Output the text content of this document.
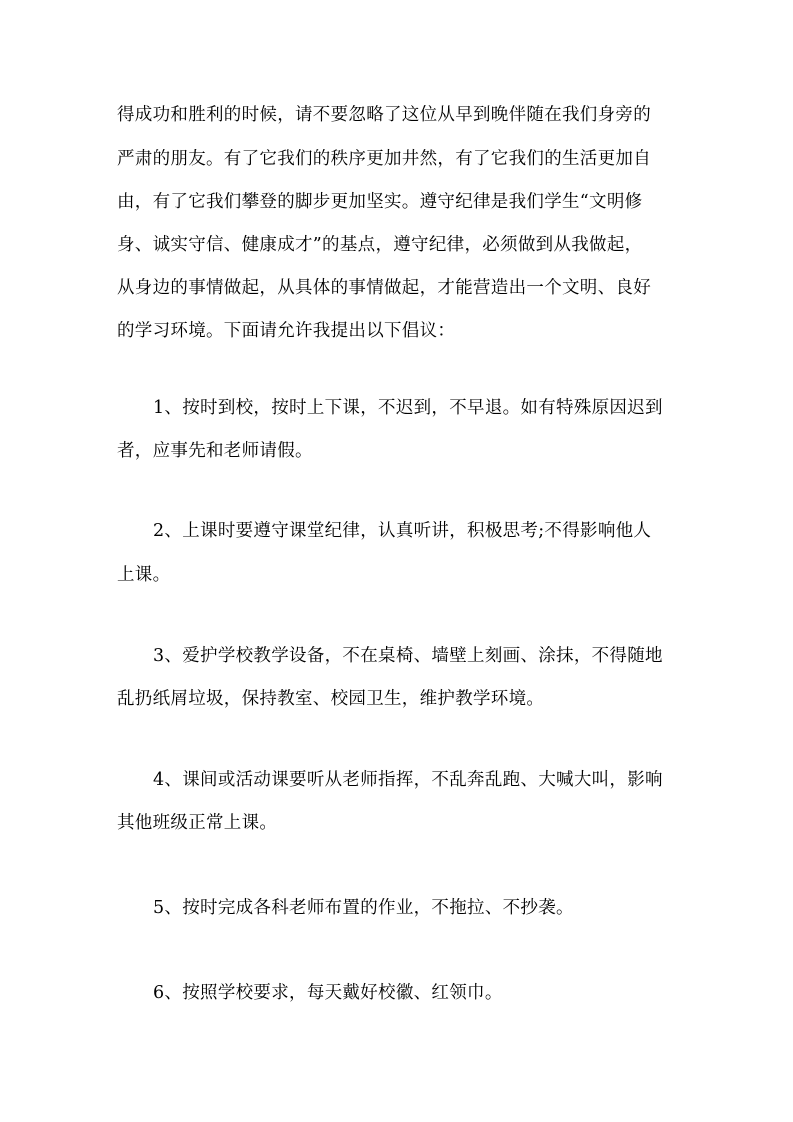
得成功和胜利的时候，请不要忽略了这位从早到晚伴随在我们身旁的
严肃的朋友。有了它我们的秩序更加井然，有了它我们的生活更加自
由，有了它我们攀登的脚步更加坚实。遵守纪律是我们学生“文明修
身、诚实守信、健康成才”的基点，遵守纪律，必须做到从我做起，
从身边的事情做起，从具体的事情做起，才能营造出一个文明、良好
的学习环境。下面请允许我提出以下倡议：
1、按时到校，按时上下课，不迟到，不早退。如有特殊原因迟到
者，应事先和老师请假。
2、上课时要遵守课堂纪律，认真听讲，积极思考;不得影响他人
上课。
3、爱护学校教学设备，不在桌椅、墙壁上刻画、涂抹，不得随地
乱扔纸屑垃圾，保持教室、校园卫生，维护教学环境。
4、课间或活动课要听从老师指挥，不乱奔乱跑、大喊大叫，影响
其他班级正常上课。
5、按时完成各科老师布置的作业，不拖拉、不抄袭。
6、按照学校要求，每天戴好校徽、红领巾。
